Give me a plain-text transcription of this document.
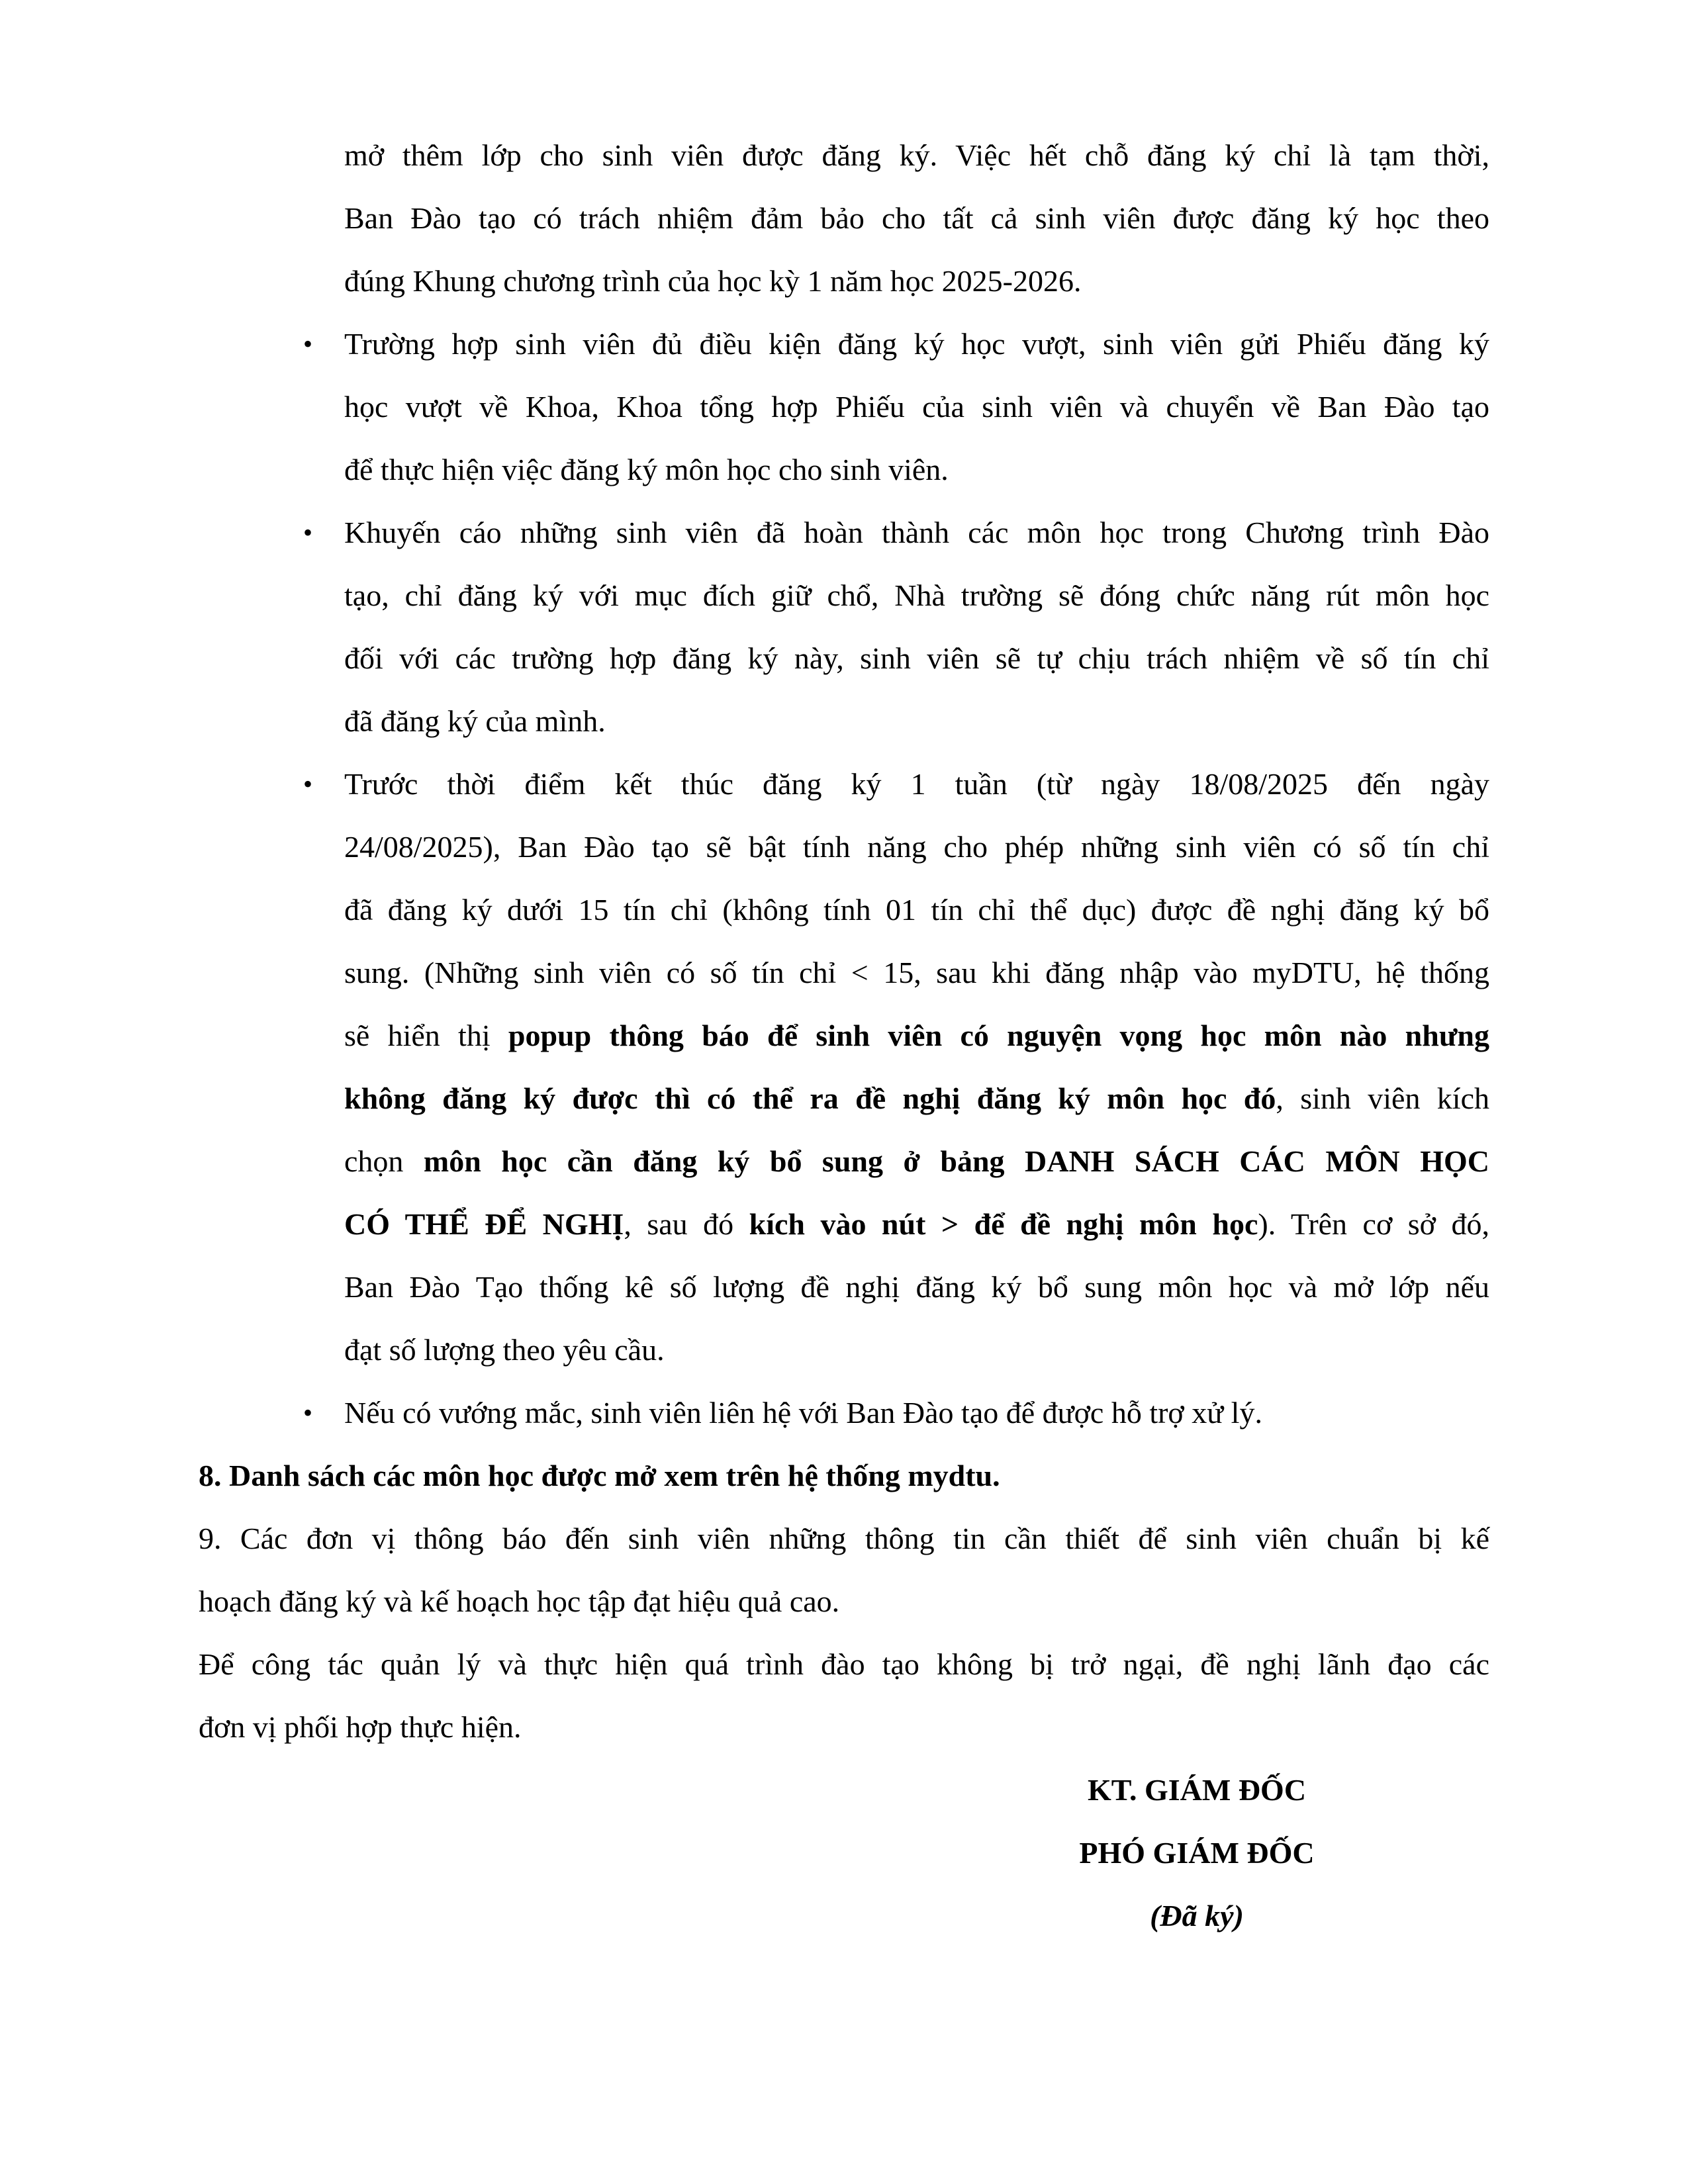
mở thêm lớp cho sinh viên được đăng ký. Việc hết chỗ đăng ký chỉ là tạm thời,
Ban Đào tạo có trách nhiệm đảm bảo cho tất cả sinh viên được đăng ký học theo
đúng Khung chương trình của học kỳ 1 năm học 2025-2026.
• Trường hợp sinh viên đủ điều kiện đăng ký học vượt, sinh viên gửi Phiếu đăng ký
học vượt về Khoa, Khoa tổng hợp Phiếu của sinh viên và chuyển về Ban Đào tạo
để thực hiện việc đăng ký môn học cho sinh viên.
• Khuyến cáo những sinh viên đã hoàn thành các môn học trong Chương trình Đào
tạo, chỉ đăng ký với mục đích giữ chổ, Nhà trường sẽ đóng chức năng rút môn học
đối với các trường hợp đăng ký này, sinh viên sẽ tự chịu trách nhiệm về số tín chỉ
đã đăng ký của mình.
• Trước thời điểm kết thúc đăng ký 1 tuần (từ ngày 18/08/2025 đến ngày
24/08/2025), Ban Đào tạo sẽ bật tính năng cho phép những sinh viên có số tín chỉ
đã đăng ký dưới 15 tín chỉ (không tính 01 tín chỉ thể dục) được đề nghị đăng ký bổ
sung. (Những sinh viên có số tín chỉ < 15, sau khi đăng nhập vào myDTU, hệ thống
sẽ hiển thị popup thông báo để sinh viên có nguyện vọng học môn nào nhưng
không đăng ký được thì có thể ra đề nghị đăng ký môn học đó, sinh viên kích
chọn môn học cần đăng ký bổ sung ở bảng DANH SÁCH CÁC MÔN HỌC
CÓ THỂ ĐỂ NGHỊ, sau đó kích vào nút > để đề nghị môn học). Trên cơ sở đó,
Ban Đào Tạo thống kê số lượng đề nghị đăng ký bổ sung môn học và mở lớp nếu
đạt số lượng theo yêu cầu.
• Nếu có vướng mắc, sinh viên liên hệ với Ban Đào tạo để được hỗ trợ xử lý.
8. Danh sách các môn học được mở xem trên hệ thống mydtu.
9. Các đơn vị thông báo đến sinh viên những thông tin cần thiết để sinh viên chuẩn bị kế
hoạch đăng ký và kế hoạch học tập đạt hiệu quả cao.
Để công tác quản lý và thực hiện quá trình đào tạo không bị trở ngại, đề nghị lãnh đạo các
đơn vị phối hợp thực hiện.
KT. GIÁM ĐỐC
PHÓ GIÁM ĐỐC
(Đã ký)
